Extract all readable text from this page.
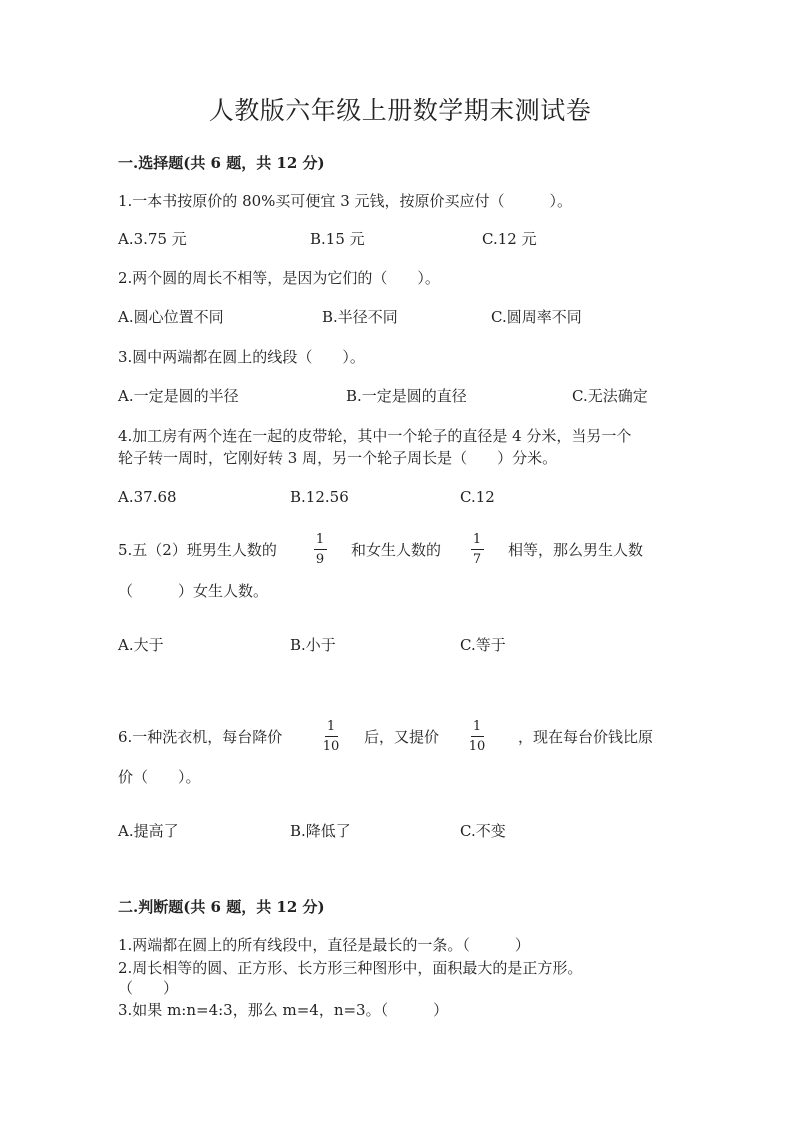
人教版六年级上册数学期末测试卷
一.选择题(共 6 题，共 12 分)
1.一本书按原价的 80%买可便宜 3 元钱，按原价买应付（　　　）。
A.3.75 元	B.15 元	C.12 元
2.两个圆的周长不相等，是因为它们的（　　）。
A.圆心位置不同	B.半径不同	C.圆周率不同
3.圆中两端都在圆上的线段（　　）。
A.一定是圆的半径	B.一定是圆的直径	C.无法确定
4.加工房有两个连在一起的皮带轮，其中一个轮子的直径是 4 分米，当另一个
轮子转一周时，它刚好转 3 周，另一个轮子周长是（　　）分米。
A.37.68	B.12.56	C.12
5.五（2）班男生人数的
1
9
和女生人数的
1
7
相等，那么男生人数
（　　　）女生人数。
A.大于	B.小于	C.等于
6.一种洗衣机，每台降价
1
10
后，又提价
1
10
，现在每台价钱比原
价（　　）。
A.提高了	B.降低了	C.不变
二.判断题(共 6 题，共 12 分)
1.两端都在圆上的所有线段中，直径是最长的一条。（　　　）
2.周长相等的圆、正方形、长方形三种图形中，面积最大的是正方形。
（　　）
3.如果 m:n=4:3，那么 m=4，n=3。（　　　）
